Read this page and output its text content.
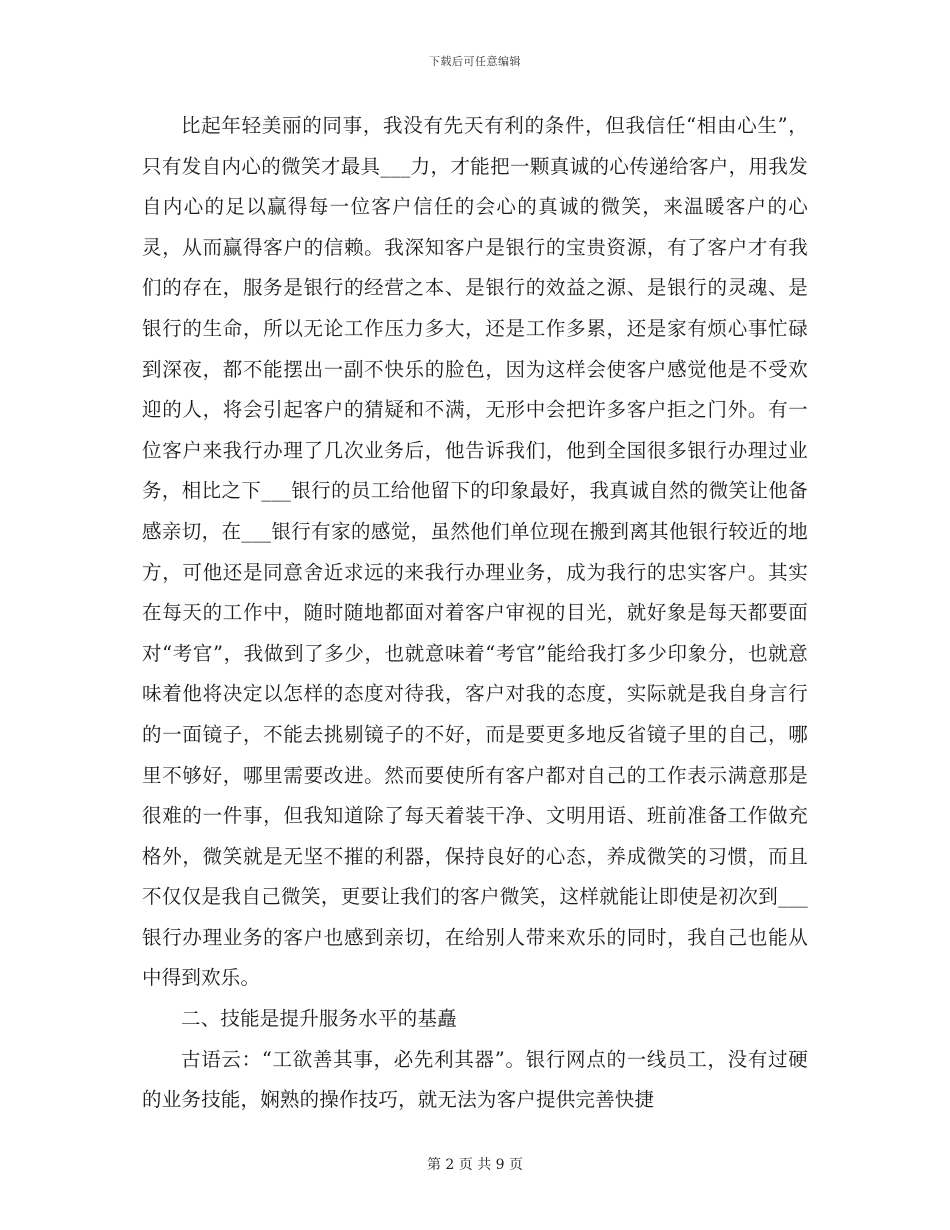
下载后可任意编辑

比起年轻美丽的同事，我没有先天有利的条件，但我信任“相由心生”，只有发自内心的微笑才最具___力，才能把一颗真诚的心传递给客户，用我发自内心的足以赢得每一位客户信任的会心的真诚的微笑，来温暖客户的心灵，从而赢得客户的信赖。我深知客户是银行的宝贵资源，有了客户才有我们的存在，服务是银行的经营之本、是银行的效益之源、是银行的灵魂、是银行的生命，所以无论工作压力多大，还是工作多累，还是家有烦心事忙碌到深夜，都不能摆出一副不快乐的脸色，因为这样会使客户感觉他是不受欢迎的人，将会引起客户的猜疑和不满，无形中会把许多客户拒之门外。有一位客户来我行办理了几次业务后，他告诉我们，他到全国很多银行办理过业务，相比之下___银行的员工给他留下的印象最好，我真诚自然的微笑让他备感亲切，在___银行有家的感觉，虽然他们单位现在搬到离其他银行较近的地方，可他还是同意舍近求远的来我行办理业务，成为我行的忠实客户。其实在每天的工作中，随时随地都面对着客户审视的目光，就好象是每天都要面对“考官”，我做到了多少，也就意味着“考官”能给我打多少印象分，也就意味着他将决定以怎样的态度对待我，客户对我的态度，实际就是我自身言行的一面镜子，不能去挑剔镜子的不好，而是要更多地反省镜子里的自己，哪里不够好，哪里需要改进。然而要使所有客户都对自己的工作表示满意那是很难的一件事，但我知道除了每天着装干净、文明用语、班前准备工作做充格外，微笑就是无坚不摧的利器，保持良好的心态，养成微笑的习惯，而且不仅仅是我自己微笑，更要让我们的客户微笑，这样就能让即使是初次到___银行办理业务的客户也感到亲切，在给别人带来欢乐的同时，我自己也能从中得到欢乐。

二、技能是提升服务水平的基矗

古语云：“工欲善其事，必先利其器”。银行网点的一线员工，没有过硬的业务技能，娴熟的操作技巧，就无法为客户提供完善快捷

第 2 页 共 9 页
